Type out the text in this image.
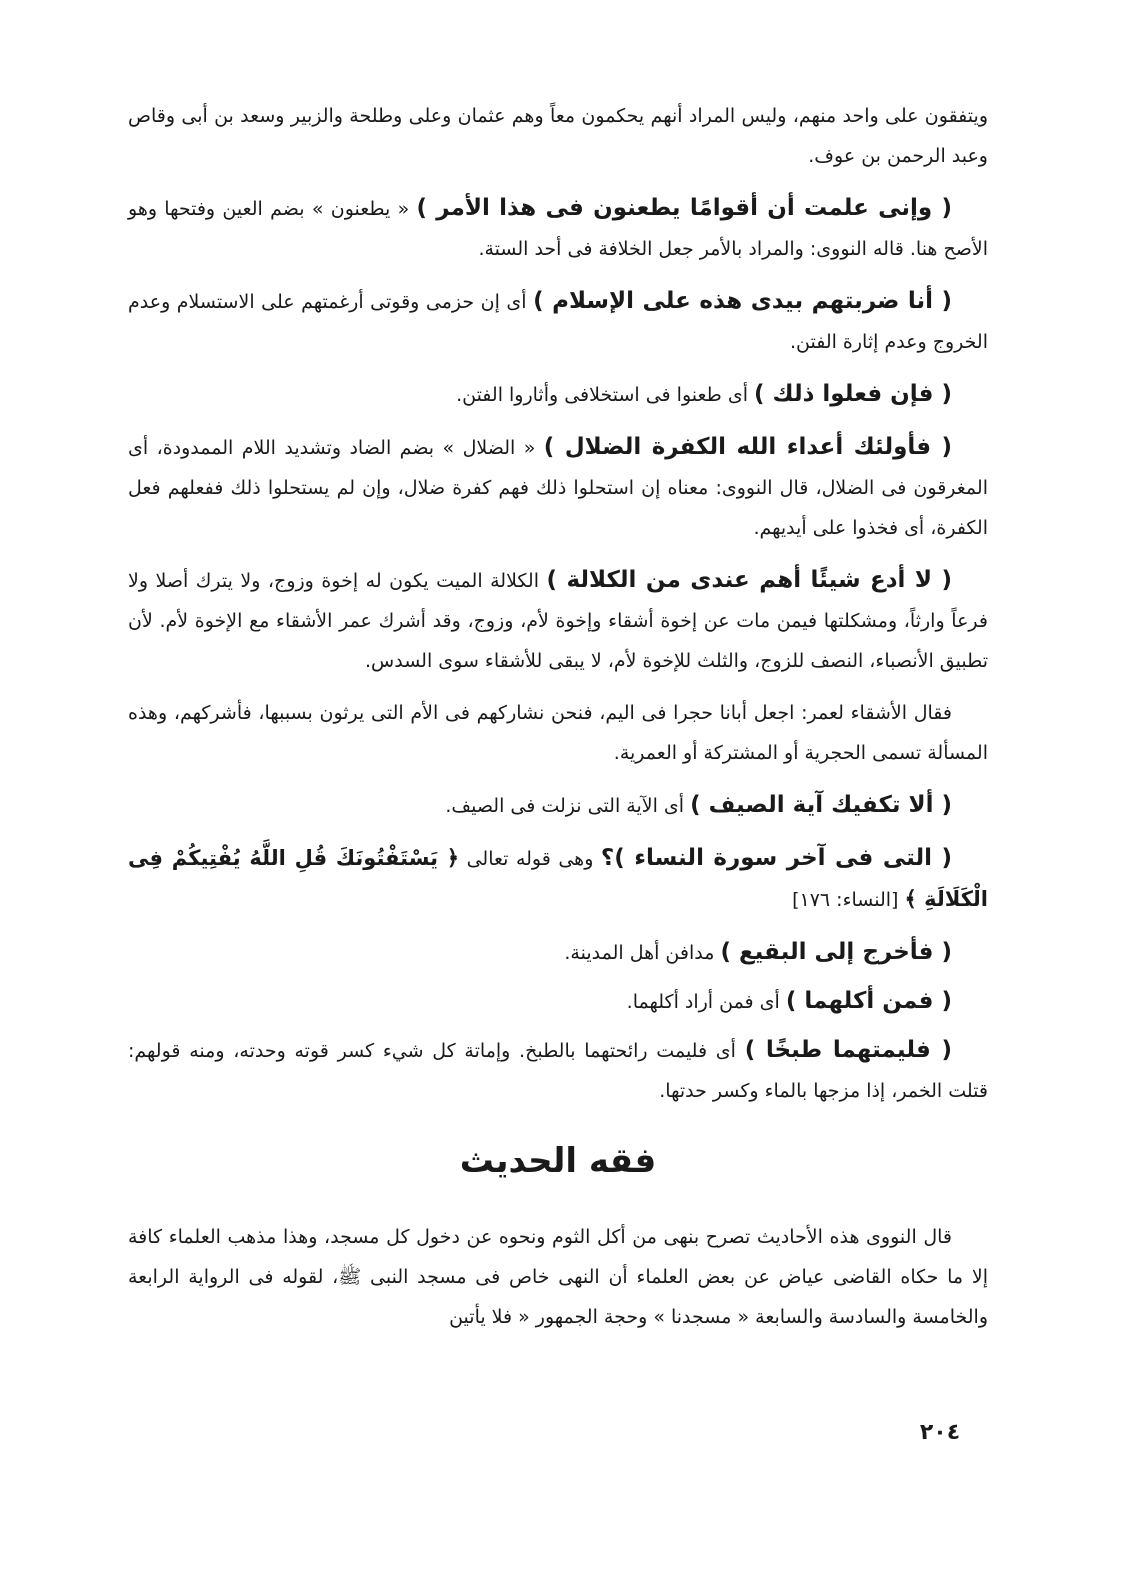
ويتفقون على واحد منهم، وليس المراد أنهم يحكمون معاً وهم عثمان وعلى وطلحة والزبير وسعد بن أبى وقاص وعبد الرحمن بن عوف.

( وإنى علمت أن أقوامًا يطعنون فى هذا الأمر ) « يطعنون » بضم العين وفتحها وهو الأصح هنا. قاله النووى: والمراد بالأمر جعل الخلافة فى أحد الستة.

( أنا ضربتهم بيدى هذه على الإسلام ) أى إن حزمى وقوتى أرغمتهم على الاستسلام وعدم الخروج وعدم إثارة الفتن.

( فإن فعلوا ذلك ) أى طعنوا فى استخلافى وأثاروا الفتن.

( فأولئك أعداء الله الكفرة الضلال ) « الضلال » بضم الضاد وتشديد اللام الممدودة، أى المغرقون فى الضلال، قال النووى: معناه إن استحلوا ذلك فهم كفرة ضلال، وإن لم يستحلوا ذلك ففعلهم فعل الكفرة، أى فخذوا على أيديهم.

( لا أدع شيئًا أهم عندى من الكلالة ) الكلالة الميت يكون له إخوة وزوج، ولا يترك أصلا ولا فرعاً وارثاً، ومشكلتها فيمن مات عن إخوة أشقاء وإخوة لأم، وزوج، وقد أشرك عمر الأشقاء مع الإخوة لأم. لأن تطبيق الأنصباء، النصف للزوج، والثلث للإخوة لأم، لا يبقى للأشقاء سوى السدس.

فقال الأشقاء لعمر: اجعل أبانا حجرا فى اليم، فنحن نشاركهم فى الأم التى يرثون بسببها، فأشركهم، وهذه المسألة تسمى الحجرية أو المشتركة أو العمرية.

( ألا تكفيك آية الصيف ) أى الآية التى نزلت فى الصيف.

( التى فى آخر سورة النساء )؟ وهى قوله تعالى ﴿ يَسْتَفْتُونَكَ قُلِ اللَّهُ يُفْتِيكُمْ فِى الْكَلَالَةِ ﴾ [النساء: ١٧٦]

( فأخرج إلى البقيع ) مدافن أهل المدينة.

( فمن أكلهما ) أى فمن أراد أكلهما.

( فليمتهما طبخًا ) أى فليمت رائحتهما بالطبخ. وإماتة كل شيء كسر قوته وحدته، ومنه قولهم: قتلت الخمر، إذا مزجها بالماء وكسر حدتها.

فقه الحديث

قال النووى هذه الأحاديث تصرح بنهى من أكل الثوم ونحوه عن دخول كل مسجد، وهذا مذهب العلماء كافة إلا ما حكاه القاضى عياض عن بعض العلماء أن النهى خاص فى مسجد النبى ﷺ، لقوله فى الرواية الرابعة والخامسة والسادسة والسابعة « مسجدنا » وحجة الجمهور « فلا يأتين

٢٠٤
